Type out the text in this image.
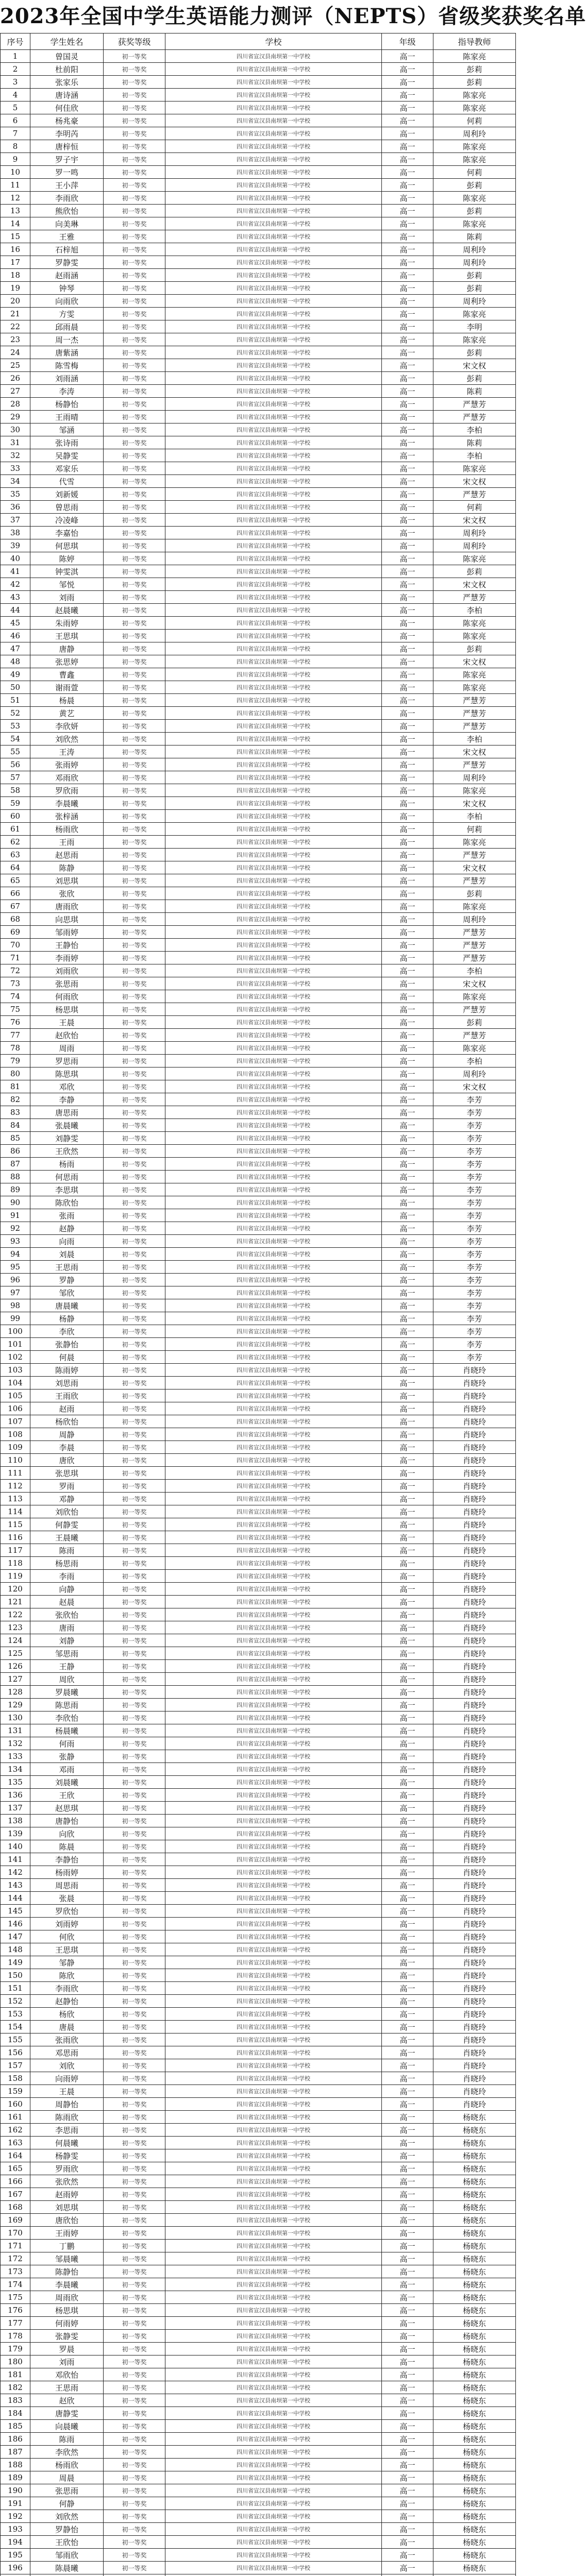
2023年全国中学生英语能力测评（NEPTS）省级奖获奖名单
序号	学生姓名	获奖等级	学校	年级	指导教师
1	曾国灵	初一等奖	四川省宣汉县南坝第一中学校	高一	陈家亮
2	杜前阳	初一等奖	四川省宣汉县南坝第一中学校	高一	彭莉
3	张家乐	初一等奖	四川省宣汉县南坝第一中学校	高一	彭莉
4	唐诗涵	初一等奖	四川省宣汉县南坝第一中学校	高一	陈家亮
5	何佳欣	初一等奖	四川省宣汉县南坝第一中学校	高一	陈家亮
6	杨兆豪	初一等奖	四川省宣汉县南坝第一中学校	高一	何莉
7	李明芮	初一等奖	四川省宣汉县南坝第一中学校	高一	周利玲
8	唐梓恒	初一等奖	四川省宣汉县南坝第一中学校	高一	陈家亮
9	罗子宇	初一等奖	四川省宣汉县南坝第一中学校	高一	陈家亮
10	罗一鸣	初一等奖	四川省宣汉县南坝第一中学校	高一	何莉
11	王小萍	初一等奖	四川省宣汉县南坝第一中学校	高一	彭莉
12	李雨欣	初一等奖	四川省宣汉县南坝第一中学校	高一	陈家亮
13	熊欣怡	初一等奖	四川省宣汉县南坝第一中学校	高一	彭莉
14	向美琳	初一等奖	四川省宣汉县南坝第一中学校	高一	陈家亮
15	王雅	初一等奖	四川省宣汉县南坝第一中学校	高一	陈莉
16	石梓旭	初一等奖	四川省宣汉县南坝第一中学校	高一	周利玲
17	罗静雯	初一等奖	四川省宣汉县南坝第一中学校	高一	周利玲
18	赵雨涵	初一等奖	四川省宣汉县南坝第一中学校	高一	彭莉
19	钟琴	初一等奖	四川省宣汉县南坝第一中学校	高一	彭莉
20	向雨欣	初一等奖	四川省宣汉县南坝第一中学校	高一	周利玲
21	方雯	初一等奖	四川省宣汉县南坝第一中学校	高一	陈家亮
22	邱雨晨	初一等奖	四川省宣汉县南坝第一中学校	高一	李明
23	周一杰	初一等奖	四川省宣汉县南坝第一中学校	高一	陈家亮
24	唐紫涵	初一等奖	四川省宣汉县南坝第一中学校	高一	彭莉
25	陈雪梅	初一等奖	四川省宣汉县南坝第一中学校	高一	宋文权
26	刘雨涵	初一等奖	四川省宣汉县南坝第一中学校	高一	彭莉
27	李涛	初一等奖	四川省宣汉县南坝第一中学校	高一	陈莉
28	杨静怡	初一等奖	四川省宣汉县南坝第一中学校	高一	严慧芳
29	王雨晴	初一等奖	四川省宣汉县南坝第一中学校	高一	严慧芳
30	邹涵	初一等奖	四川省宣汉县南坝第一中学校	高一	李柏
31	张诗雨	初一等奖	四川省宣汉县南坝第一中学校	高一	陈莉
32	吴静雯	初一等奖	四川省宣汉县南坝第一中学校	高一	李柏
33	邓家乐	初一等奖	四川省宣汉县南坝第一中学校	高一	陈家亮
34	代雪	初一等奖	四川省宣汉县南坝第一中学校	高一	宋文权
35	刘新媛	初一等奖	四川省宣汉县南坝第一中学校	高一	严慧芳
36	曾思雨	初一等奖	四川省宣汉县南坝第一中学校	高一	何莉
37	冷凌峰	初一等奖	四川省宣汉县南坝第一中学校	高一	宋文权
38	李嘉怡	初一等奖	四川省宣汉县南坝第一中学校	高一	周利玲
39	何思琪	初一等奖	四川省宣汉县南坝第一中学校	高一	周利玲
40	陈婷	初一等奖	四川省宣汉县南坝第一中学校	高一	陈家亮
41	钟雯淇	初一等奖	四川省宣汉县南坝第一中学校	高一	彭莉
42	邹悦	初一等奖	四川省宣汉县南坝第一中学校	高一	宋文权
43	刘雨	初一等奖	四川省宣汉县南坝第一中学校	高一	严慧芳
44	赵晨曦	初一等奖	四川省宣汉县南坝第一中学校	高一	李柏
45	朱雨婷	初一等奖	四川省宣汉县南坝第一中学校	高一	陈家亮
46	王思琪	初一等奖	四川省宣汉县南坝第一中学校	高一	陈家亮
47	唐静	初一等奖	四川省宣汉县南坝第一中学校	高一	彭莉
48	张思婷	初一等奖	四川省宣汉县南坝第一中学校	高一	宋文权
49	曹鑫	初一等奖	四川省宣汉县南坝第一中学校	高一	陈家亮
50	谢雨萱	初一等奖	四川省宣汉县南坝第一中学校	高一	陈家亮
51	杨晨	初一等奖	四川省宣汉县南坝第一中学校	高一	严慧芳
52	黄艺	初一等奖	四川省宣汉县南坝第一中学校	高一	严慧芳
53	李欣妍	初一等奖	四川省宣汉县南坝第一中学校	高一	严慧芳
54	刘欣然	初一等奖	四川省宣汉县南坝第一中学校	高一	李柏
55	王涛	初一等奖	四川省宣汉县南坝第一中学校	高一	宋文权
56	张雨婷	初一等奖	四川省宣汉县南坝第一中学校	高一	严慧芳
57	邓雨欣	初一等奖	四川省宣汉县南坝第一中学校	高一	周利玲
58	罗欣雨	初一等奖	四川省宣汉县南坝第一中学校	高一	陈家亮
59	李晨曦	初一等奖	四川省宣汉县南坝第一中学校	高一	宋文权
60	张梓涵	初一等奖	四川省宣汉县南坝第一中学校	高一	李柏
61	杨雨欣	初一等奖	四川省宣汉县南坝第一中学校	高一	何莉
62	王雨	初一等奖	四川省宣汉县南坝第一中学校	高一	陈家亮
63	赵思雨	初一等奖	四川省宣汉县南坝第一中学校	高一	严慧芳
64	陈静	初一等奖	四川省宣汉县南坝第一中学校	高一	宋文权
65	刘思琪	初一等奖	四川省宣汉县南坝第一中学校	高一	严慧芳
66	张欣	初一等奖	四川省宣汉县南坝第一中学校	高一	彭莉
67	唐雨欣	初一等奖	四川省宣汉县南坝第一中学校	高一	陈家亮
68	向思琪	初一等奖	四川省宣汉县南坝第一中学校	高一	周利玲
69	邹雨婷	初一等奖	四川省宣汉县南坝第一中学校	高一	严慧芳
70	王静怡	初一等奖	四川省宣汉县南坝第一中学校	高一	严慧芳
71	李雨婷	初一等奖	四川省宣汉县南坝第一中学校	高一	严慧芳
72	刘雨欣	初一等奖	四川省宣汉县南坝第一中学校	高一	李柏
73	张思雨	初一等奖	四川省宣汉县南坝第一中学校	高一	宋文权
74	何雨欣	初一等奖	四川省宣汉县南坝第一中学校	高一	陈家亮
75	杨思琪	初一等奖	四川省宣汉县南坝第一中学校	高一	严慧芳
76	王晨	初一等奖	四川省宣汉县南坝第一中学校	高一	彭莉
77	赵欣怡	初一等奖	四川省宣汉县南坝第一中学校	高一	严慧芳
78	周雨	初一等奖	四川省宣汉县南坝第一中学校	高一	陈家亮
79	罗思雨	初一等奖	四川省宣汉县南坝第一中学校	高一	李柏
80	陈思琪	初一等奖	四川省宣汉县南坝第一中学校	高一	周利玲
81	邓欣	初一等奖	四川省宣汉县南坝第一中学校	高一	宋文权
82	李静	初一等奖	四川省宣汉县南坝第一中学校	高一	李芳
83	唐思雨	初一等奖	四川省宣汉县南坝第一中学校	高一	李芳
84	张晨曦	初一等奖	四川省宣汉县南坝第一中学校	高一	李芳
85	刘静雯	初一等奖	四川省宣汉县南坝第一中学校	高一	李芳
86	王欣然	初一等奖	四川省宣汉县南坝第一中学校	高一	李芳
87	杨雨	初一等奖	四川省宣汉县南坝第一中学校	高一	李芳
88	何思雨	初一等奖	四川省宣汉县南坝第一中学校	高一	李芳
89	李思琪	初一等奖	四川省宣汉县南坝第一中学校	高一	李芳
90	陈欣怡	初一等奖	四川省宣汉县南坝第一中学校	高一	李芳
91	张雨	初一等奖	四川省宣汉县南坝第一中学校	高一	李芳
92	赵静	初一等奖	四川省宣汉县南坝第一中学校	高一	李芳
93	向雨	初一等奖	四川省宣汉县南坝第一中学校	高一	李芳
94	刘晨	初一等奖	四川省宣汉县南坝第一中学校	高一	李芳
95	王思雨	初一等奖	四川省宣汉县南坝第一中学校	高一	李芳
96	罗静	初一等奖	四川省宣汉县南坝第一中学校	高一	李芳
97	邹欣	初一等奖	四川省宣汉县南坝第一中学校	高一	李芳
98	唐晨曦	初一等奖	四川省宣汉县南坝第一中学校	高一	李芳
99	杨静	初一等奖	四川省宣汉县南坝第一中学校	高一	李芳
100	李欣	初一等奖	四川省宣汉县南坝第一中学校	高一	李芳
101	张静怡	初一等奖	四川省宣汉县南坝第一中学校	高一	李芳
102	何晨	初一等奖	四川省宣汉县南坝第一中学校	高一	李芳
103	陈雨婷	初一等奖	四川省宣汉县南坝第一中学校	高一	肖晓玲
104	刘思雨	初一等奖	四川省宣汉县南坝第一中学校	高一	肖晓玲
105	王雨欣	初一等奖	四川省宣汉县南坝第一中学校	高一	肖晓玲
106	赵雨	初一等奖	四川省宣汉县南坝第一中学校	高一	肖晓玲
107	杨欣怡	初一等奖	四川省宣汉县南坝第一中学校	高一	肖晓玲
108	周静	初一等奖	四川省宣汉县南坝第一中学校	高一	肖晓玲
109	李晨	初一等奖	四川省宣汉县南坝第一中学校	高一	肖晓玲
110	唐欣	初一等奖	四川省宣汉县南坝第一中学校	高一	肖晓玲
111	张思琪	初一等奖	四川省宣汉县南坝第一中学校	高一	肖晓玲
112	罗雨	初一等奖	四川省宣汉县南坝第一中学校	高一	肖晓玲
113	邓静	初一等奖	四川省宣汉县南坝第一中学校	高一	肖晓玲
114	刘欣怡	初一等奖	四川省宣汉县南坝第一中学校	高一	肖晓玲
115	何静雯	初一等奖	四川省宣汉县南坝第一中学校	高一	肖晓玲
116	王晨曦	初一等奖	四川省宣汉县南坝第一中学校	高一	肖晓玲
117	陈雨	初一等奖	四川省宣汉县南坝第一中学校	高一	肖晓玲
118	杨思雨	初一等奖	四川省宣汉县南坝第一中学校	高一	肖晓玲
119	李雨	初一等奖	四川省宣汉县南坝第一中学校	高一	肖晓玲
120	向静	初一等奖	四川省宣汉县南坝第一中学校	高一	肖晓玲
121	赵晨	初一等奖	四川省宣汉县南坝第一中学校	高一	肖晓玲
122	张欣怡	初一等奖	四川省宣汉县南坝第一中学校	高一	肖晓玲
123	唐雨	初一等奖	四川省宣汉县南坝第一中学校	高一	肖晓玲
124	刘静	初一等奖	四川省宣汉县南坝第一中学校	高一	肖晓玲
125	邹思雨	初一等奖	四川省宣汉县南坝第一中学校	高一	肖晓玲
126	王静	初一等奖	四川省宣汉县南坝第一中学校	高一	肖晓玲
127	周欣	初一等奖	四川省宣汉县南坝第一中学校	高一	肖晓玲
128	罗晨曦	初一等奖	四川省宣汉县南坝第一中学校	高一	肖晓玲
129	陈思雨	初一等奖	四川省宣汉县南坝第一中学校	高一	肖晓玲
130	李欣怡	初一等奖	四川省宣汉县南坝第一中学校	高一	肖晓玲
131	杨晨曦	初一等奖	四川省宣汉县南坝第一中学校	高一	肖晓玲
132	何雨	初一等奖	四川省宣汉县南坝第一中学校	高一	肖晓玲
133	张静	初一等奖	四川省宣汉县南坝第一中学校	高一	肖晓玲
134	邓雨	初一等奖	四川省宣汉县南坝第一中学校	高一	肖晓玲
135	刘晨曦	初一等奖	四川省宣汉县南坝第一中学校	高一	肖晓玲
136	王欣	初一等奖	四川省宣汉县南坝第一中学校	高一	肖晓玲
137	赵思琪	初一等奖	四川省宣汉县南坝第一中学校	高一	肖晓玲
138	唐静怡	初一等奖	四川省宣汉县南坝第一中学校	高一	肖晓玲
139	向欣	初一等奖	四川省宣汉县南坝第一中学校	高一	肖晓玲
140	陈晨	初一等奖	四川省宣汉县南坝第一中学校	高一	肖晓玲
141	李静怡	初一等奖	四川省宣汉县南坝第一中学校	高一	肖晓玲
142	杨雨婷	初一等奖	四川省宣汉县南坝第一中学校	高一	肖晓玲
143	周思雨	初一等奖	四川省宣汉县南坝第一中学校	高一	肖晓玲
144	张晨	初一等奖	四川省宣汉县南坝第一中学校	高一	肖晓玲
145	罗欣怡	初一等奖	四川省宣汉县南坝第一中学校	高一	肖晓玲
146	刘雨婷	初一等奖	四川省宣汉县南坝第一中学校	高一	肖晓玲
147	何欣	初一等奖	四川省宣汉县南坝第一中学校	高一	肖晓玲
148	王思琪	初一等奖	四川省宣汉县南坝第一中学校	高一	肖晓玲
149	邹静	初一等奖	四川省宣汉县南坝第一中学校	高一	肖晓玲
150	陈欣	初一等奖	四川省宣汉县南坝第一中学校	高一	肖晓玲
151	李雨欣	初一等奖	四川省宣汉县南坝第一中学校	高一	肖晓玲
152	赵静怡	初一等奖	四川省宣汉县南坝第一中学校	高一	肖晓玲
153	杨欣	初一等奖	四川省宣汉县南坝第一中学校	高一	肖晓玲
154	唐晨	初一等奖	四川省宣汉县南坝第一中学校	高一	肖晓玲
155	张雨欣	初一等奖	四川省宣汉县南坝第一中学校	高一	肖晓玲
156	邓思雨	初一等奖	四川省宣汉县南坝第一中学校	高一	肖晓玲
157	刘欣	初一等奖	四川省宣汉县南坝第一中学校	高一	肖晓玲
158	向雨婷	初一等奖	四川省宣汉县南坝第一中学校	高一	肖晓玲
159	王晨	初一等奖	四川省宣汉县南坝第一中学校	高一	肖晓玲
160	周静怡	初一等奖	四川省宣汉县南坝第一中学校	高一	肖晓玲
161	陈雨欣	初一等奖	四川省宣汉县南坝第一中学校	高一	杨晓东
162	李思雨	初一等奖	四川省宣汉县南坝第一中学校	高一	杨晓东
163	何晨曦	初一等奖	四川省宣汉县南坝第一中学校	高一	杨晓东
164	杨静雯	初一等奖	四川省宣汉县南坝第一中学校	高一	杨晓东
165	罗雨欣	初一等奖	四川省宣汉县南坝第一中学校	高一	杨晓东
166	张欣然	初一等奖	四川省宣汉县南坝第一中学校	高一	杨晓东
167	赵雨婷	初一等奖	四川省宣汉县南坝第一中学校	高一	杨晓东
168	刘思琪	初一等奖	四川省宣汉县南坝第一中学校	高一	杨晓东
169	唐欣怡	初一等奖	四川省宣汉县南坝第一中学校	高一	杨晓东
170	王雨婷	初一等奖	四川省宣汉县南坝第一中学校	高一	杨晓东
171	丁鹏	初一等奖	四川省宣汉县南坝第一中学校	高一	杨晓东
172	邹晨曦	初一等奖	四川省宣汉县南坝第一中学校	高一	杨晓东
173	陈静怡	初一等奖	四川省宣汉县南坝第一中学校	高一	杨晓东
174	李晨曦	初一等奖	四川省宣汉县南坝第一中学校	高一	杨晓东
175	周雨欣	初一等奖	四川省宣汉县南坝第一中学校	高一	杨晓东
176	杨思琪	初一等奖	四川省宣汉县南坝第一中学校	高一	杨晓东
177	何雨婷	初一等奖	四川省宣汉县南坝第一中学校	高一	杨晓东
178	张静雯	初一等奖	四川省宣汉县南坝第一中学校	高一	杨晓东
179	罗晨	初一等奖	四川省宣汉县南坝第一中学校	高一	杨晓东
180	刘雨	初一等奖	四川省宣汉县南坝第一中学校	高一	杨晓东
181	邓欣怡	初一等奖	四川省宣汉县南坝第一中学校	高一	杨晓东
182	王思雨	初一等奖	四川省宣汉县南坝第一中学校	高一	杨晓东
183	赵欣	初一等奖	四川省宣汉县南坝第一中学校	高一	杨晓东
184	唐静雯	初一等奖	四川省宣汉县南坝第一中学校	高一	杨晓东
185	向晨曦	初一等奖	四川省宣汉县南坝第一中学校	高一	杨晓东
186	陈雨	初一等奖	四川省宣汉县南坝第一中学校	高一	杨晓东
187	李欣然	初一等奖	四川省宣汉县南坝第一中学校	高一	杨晓东
188	杨雨欣	初一等奖	四川省宣汉县南坝第一中学校	高一	杨晓东
189	周晨	初一等奖	四川省宣汉县南坝第一中学校	高一	杨晓东
190	张思雨	初一等奖	四川省宣汉县南坝第一中学校	高一	杨晓东
191	何静	初一等奖	四川省宣汉县南坝第一中学校	高一	杨晓东
192	刘欣然	初一等奖	四川省宣汉县南坝第一中学校	高一	杨晓东
193	罗静怡	初一等奖	四川省宣汉县南坝第一中学校	高一	杨晓东
194	王欣怡	初一等奖	四川省宣汉县南坝第一中学校	高一	杨晓东
195	邹雨欣	初一等奖	四川省宣汉县南坝第一中学校	高一	杨晓东
196	陈晨曦	初一等奖	四川省宣汉县南坝第一中学校	高一	杨晓东
